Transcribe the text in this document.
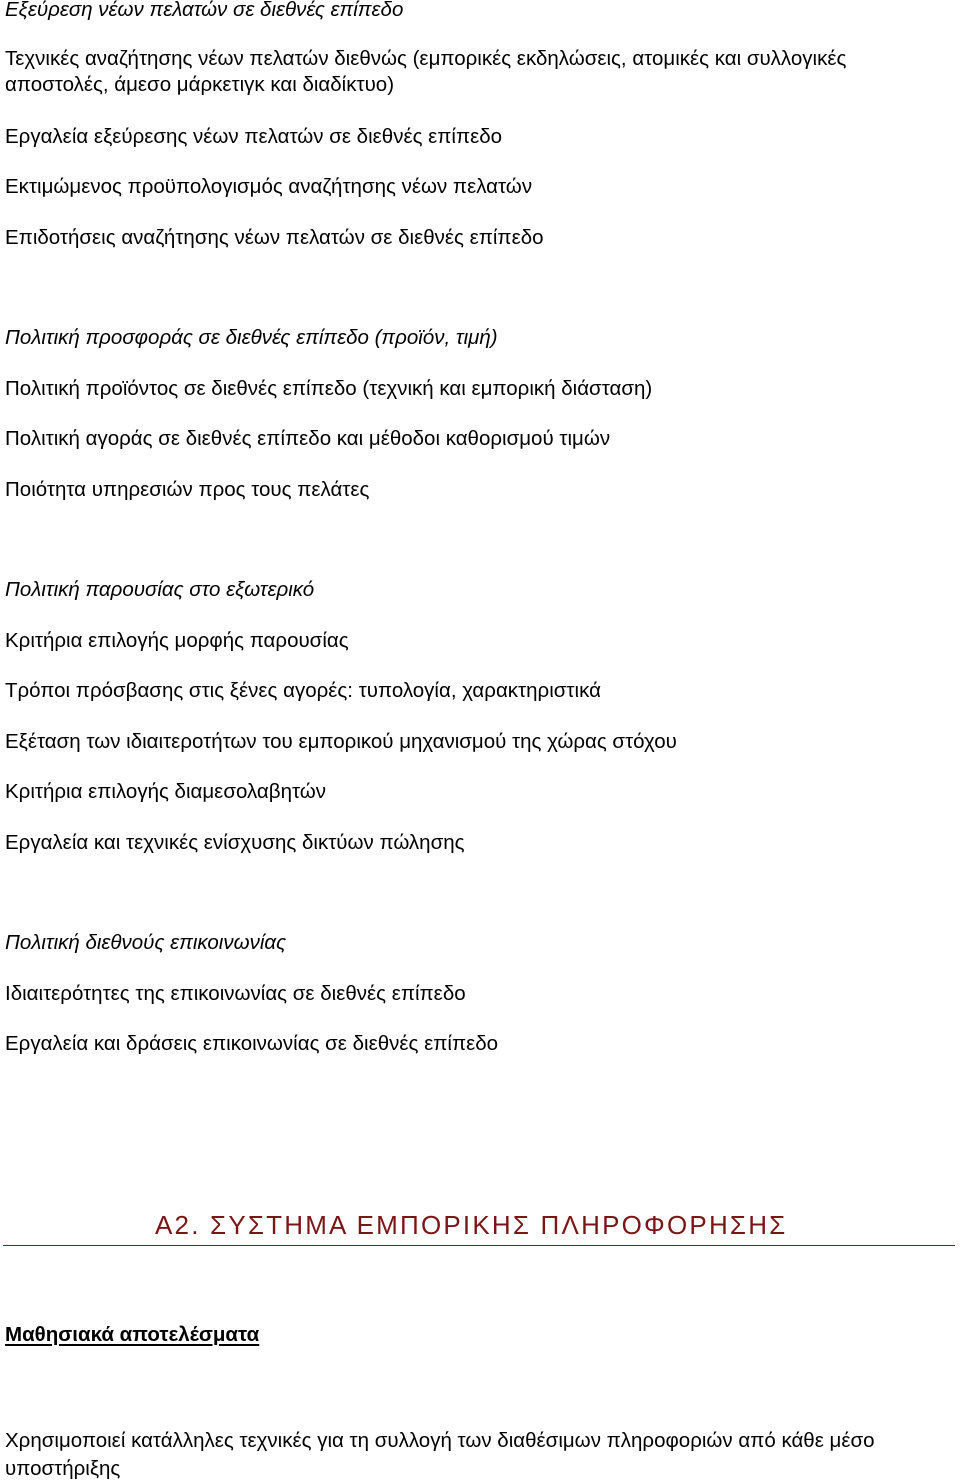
Εξεύρεση νέων πελατών σε διεθνές επίπεδο
Τεχνικές αναζήτησης νέων πελατών διεθνώς (εμπορικές εκδηλώσεις, ατομικές και συλλογικές αποστολές, άμεσο μάρκετιγκ και διαδίκτυο)
Εργαλεία εξεύρεσης νέων πελατών σε διεθνές επίπεδο
Εκτιμώμενος προϋπολογισμός αναζήτησης νέων πελατών
Επιδοτήσεις αναζήτησης νέων πελατών σε διεθνές επίπεδο
Πολιτική προσφοράς σε διεθνές επίπεδο (προϊόν, τιμή)
Πολιτική προϊόντος σε διεθνές επίπεδο (τεχνική και εμπορική διάσταση)
Πολιτική αγοράς σε διεθνές επίπεδο και μέθοδοι καθορισμού τιμών
Ποιότητα υπηρεσιών προς τους πελάτες
Πολιτική παρουσίας στο εξωτερικό
Κριτήρια επιλογής μορφής παρουσίας
Τρόποι πρόσβασης στις ξένες αγορές: τυπολογία, χαρακτηριστικά
Εξέταση των ιδιαιτεροτήτων του εμπορικού μηχανισμού της χώρας στόχου
Κριτήρια επιλογής διαμεσολαβητών
Εργαλεία και τεχνικές ενίσχυσης δικτύων πώλησης
Πολιτική διεθνούς επικοινωνίας
Ιδιαιτερότητες της επικοινωνίας σε διεθνές επίπεδο
Εργαλεία και δράσεις επικοινωνίας σε διεθνές επίπεδο
Α2. ΣΥΣΤΗΜΑ ΕΜΠΟΡΙΚΗΣ ΠΛΗΡΟΦΟΡΗΣΗΣ
Μαθησιακά αποτελέσματα
Χρησιμοποιεί κατάλληλες τεχνικές για τη συλλογή των διαθέσιμων πληροφοριών από κάθε μέσο υποστήριξης
